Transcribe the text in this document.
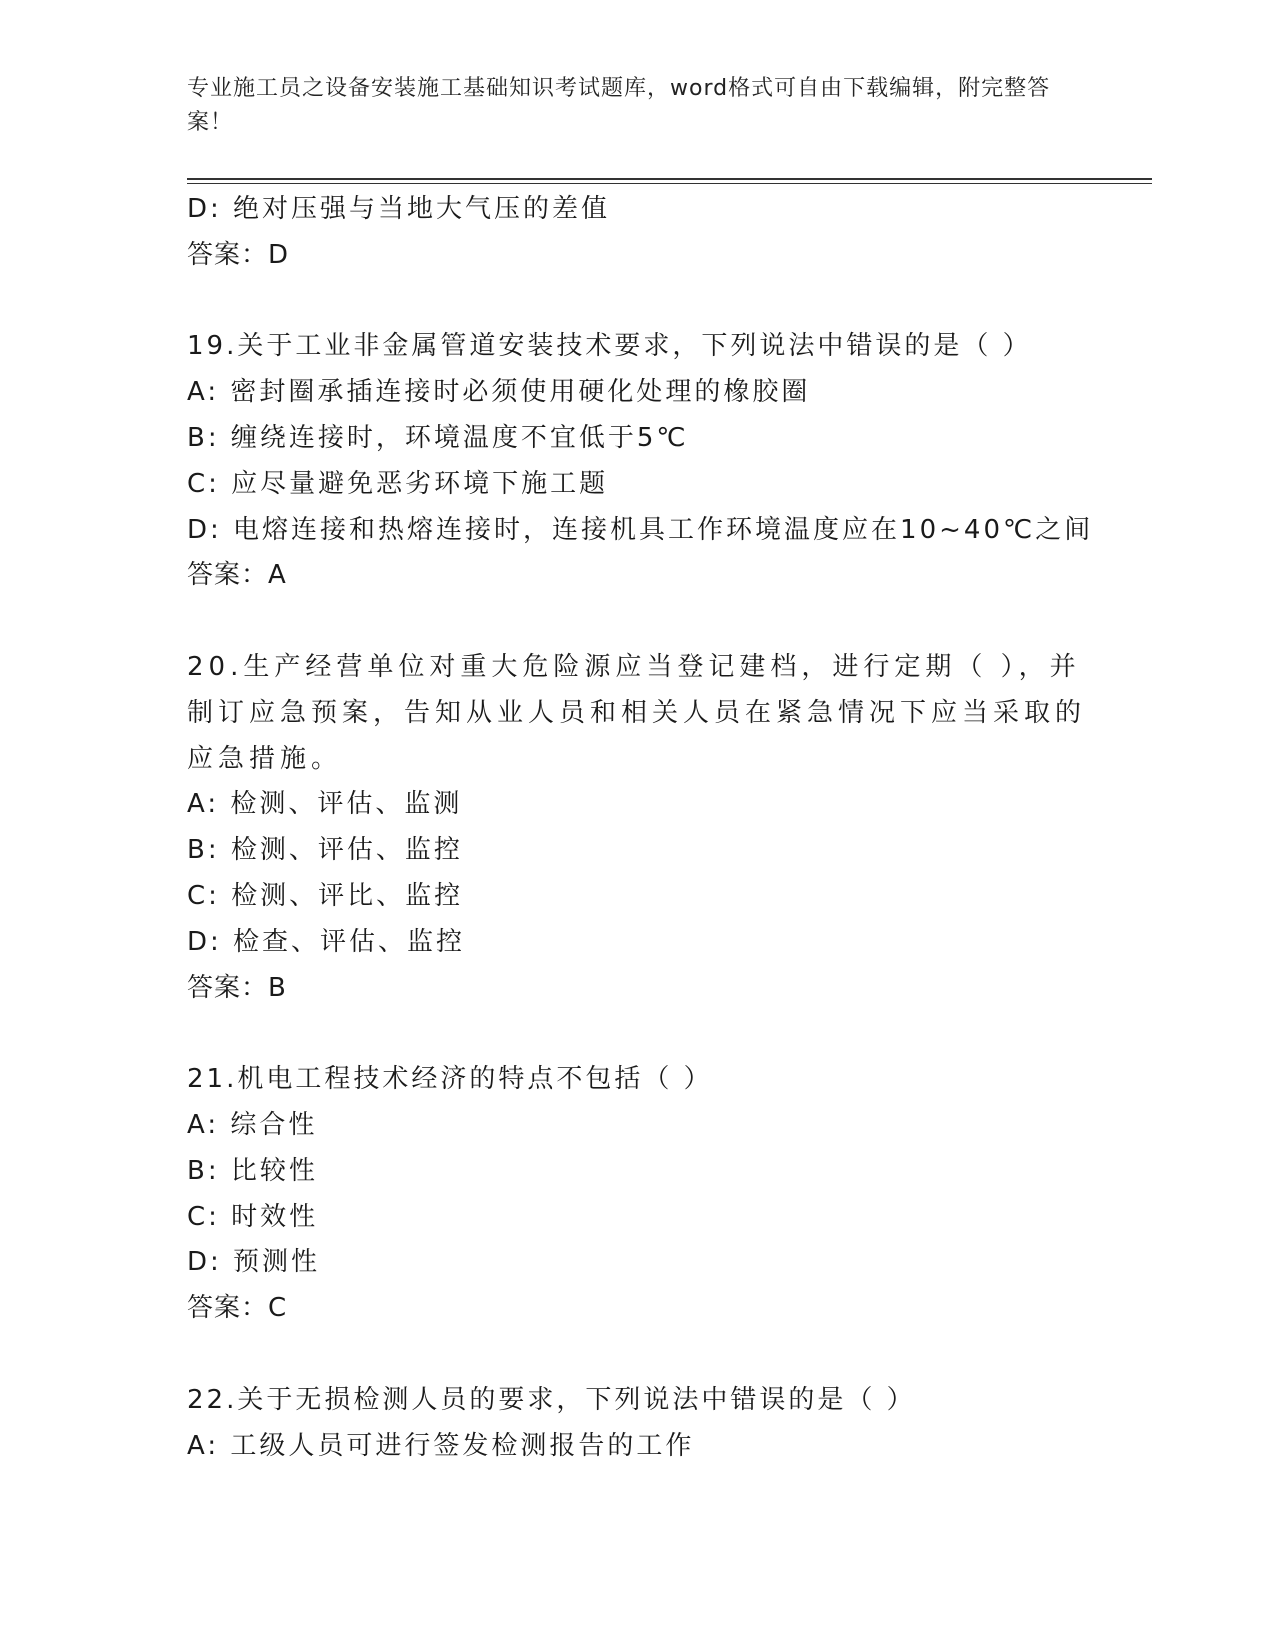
专业施工员之设备安装施工基础知识考试题库，word格式可自由下载编辑，附完整答案！
D: 绝对压强与当地大气压的差值
答案：D
19.关于工业非金属管道安装技术要求，下列说法中错误的是（ ）
A: 密封圈承插连接时必须使用硬化处理的橡胶圈
B: 缠绕连接时，环境温度不宜低于5℃
C: 应尽量避免恶劣环境下施工题
D: 电熔连接和热熔连接时，连接机具工作环境温度应在10~40℃之间
答案：A
20.生产经营单位对重大危险源应当登记建档，进行定期（ ），并制订应急预案，告知从业人员和相关人员在紧急情况下应当采取的应急措施。
A: 检测、评估、监测
B: 检测、评估、监控
C: 检测、评比、监控
D: 检查、评估、监控
答案：B
21.机电工程技术经济的特点不包括（ ）
A: 综合性
B: 比较性
C: 时效性
D: 预测性
答案：C
22.关于无损检测人员的要求，下列说法中错误的是（ ）
A: 工级人员可进行签发检测报告的工作
